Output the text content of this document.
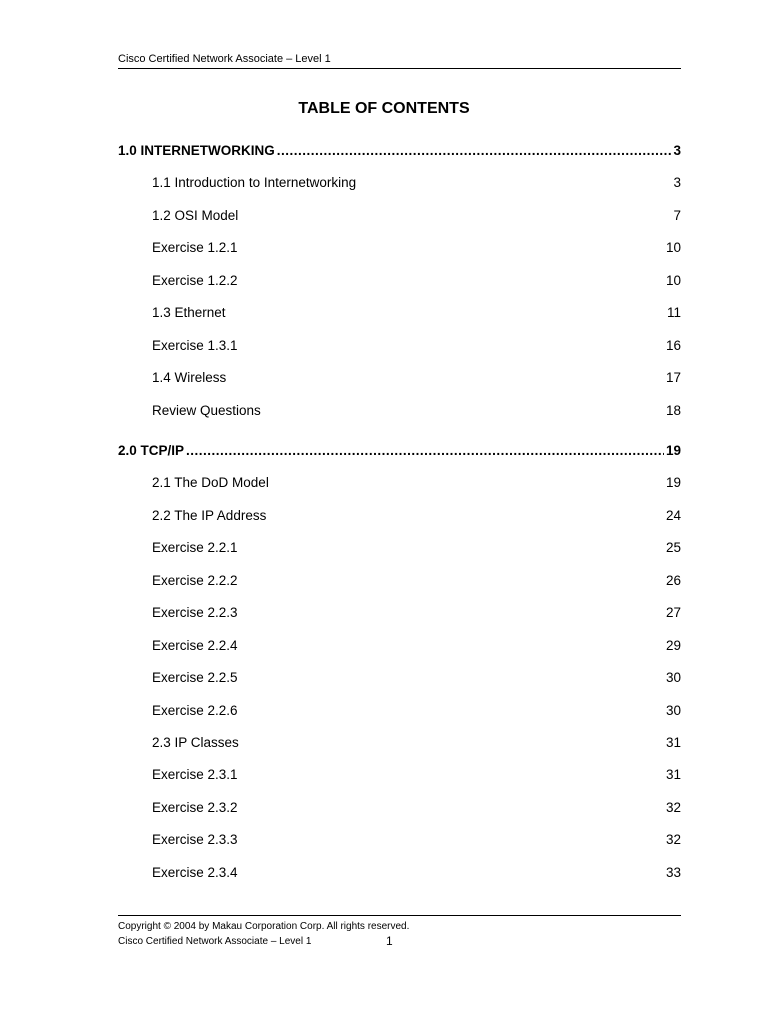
Cisco Certified Network Associate – Level 1
TABLE OF CONTENTS
1.0 INTERNETWORKING .....	3
1.1 Introduction to Internetworking	3
1.2 OSI Model	7
Exercise 1.2.1	10
Exercise 1.2.2	10
1.3 Ethernet	11
Exercise 1.3.1	16
1.4 Wireless	17
Review Questions	18
2.0 TCP/IP .....	19
2.1 The DoD Model	19
2.2 The IP Address	24
Exercise 2.2.1	25
Exercise 2.2.2	26
Exercise 2.2.3	27
Exercise 2.2.4	29
Exercise 2.2.5	30
Exercise 2.2.6	30
2.3 IP Classes	31
Exercise 2.3.1	31
Exercise 2.3.2	32
Exercise 2.3.3	32
Exercise 2.3.4	33
Copyright © 2004 by Makau Corporation Corp. All rights reserved.
Cisco Certified Network Associate – Level 1	1
